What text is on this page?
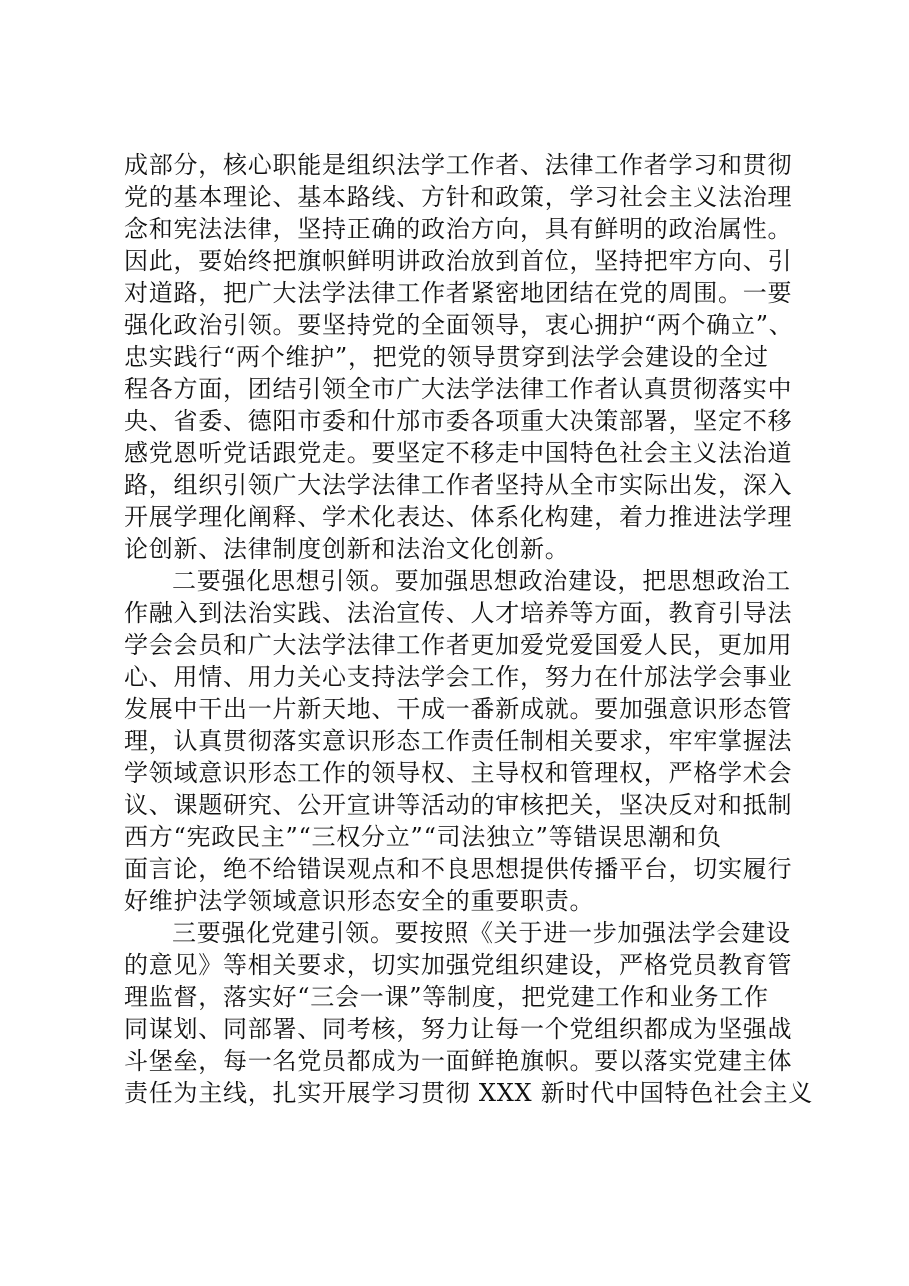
成部分，核心职能是组织法学工作者、法律工作者学习和贯彻
党的基本理论、基本路线、方针和政策，学习社会主义法治理
念和宪法法律，坚持正确的政治方向，具有鲜明的政治属性。
因此，要始终把旗帜鲜明讲政治放到首位，坚持把牢方向、引
对道路，把广大法学法律工作者紧密地团结在党的周围。一要
强化政治引领。要坚持党的全面领导，衷心拥护“两个确立”、
忠实践行“两个维护”，把党的领导贯穿到法学会建设的全过
程各方面，团结引领全市广大法学法律工作者认真贯彻落实中
央、省委、德阳市委和什邡市委各项重大决策部署，坚定不移
感党恩听党话跟党走。要坚定不移走中国特色社会主义法治道
路，组织引领广大法学法律工作者坚持从全市实际出发，深入
开展学理化阐释、学术化表达、体系化构建，着力推进法学理
论创新、法律制度创新和法治文化创新。
二要强化思想引领。要加强思想政治建设，把思想政治工
作融入到法治实践、法治宣传、人才培养等方面，教育引导法
学会会员和广大法学法律工作者更加爱党爱国爱人民，更加用
心、用情、用力关心支持法学会工作，努力在什邡法学会事业
发展中干出一片新天地、干成一番新成就。要加强意识形态管
理，认真贯彻落实意识形态工作责任制相关要求，牢牢掌握法
学领域意识形态工作的领导权、主导权和管理权，严格学术会
议、课题研究、公开宣讲等活动的审核把关，坚决反对和抵制
西方“宪政民主”“三权分立”“司法独立”等错误思潮和负
面言论，绝不给错误观点和不良思想提供传播平台，切实履行
好维护法学领域意识形态安全的重要职责。
三要强化党建引领。要按照《关于进一步加强法学会建设
的意见》等相关要求，切实加强党组织建设，严格党员教育管
理监督，落实好“三会一课”等制度，把党建工作和业务工作
同谋划、同部署、同考核，努力让每一个党组织都成为坚强战
斗堡垒，每一名党员都成为一面鲜艳旗帜。要以落实党建主体
责任为主线，扎实开展学习贯彻 XXX 新时代中国特色社会主义
